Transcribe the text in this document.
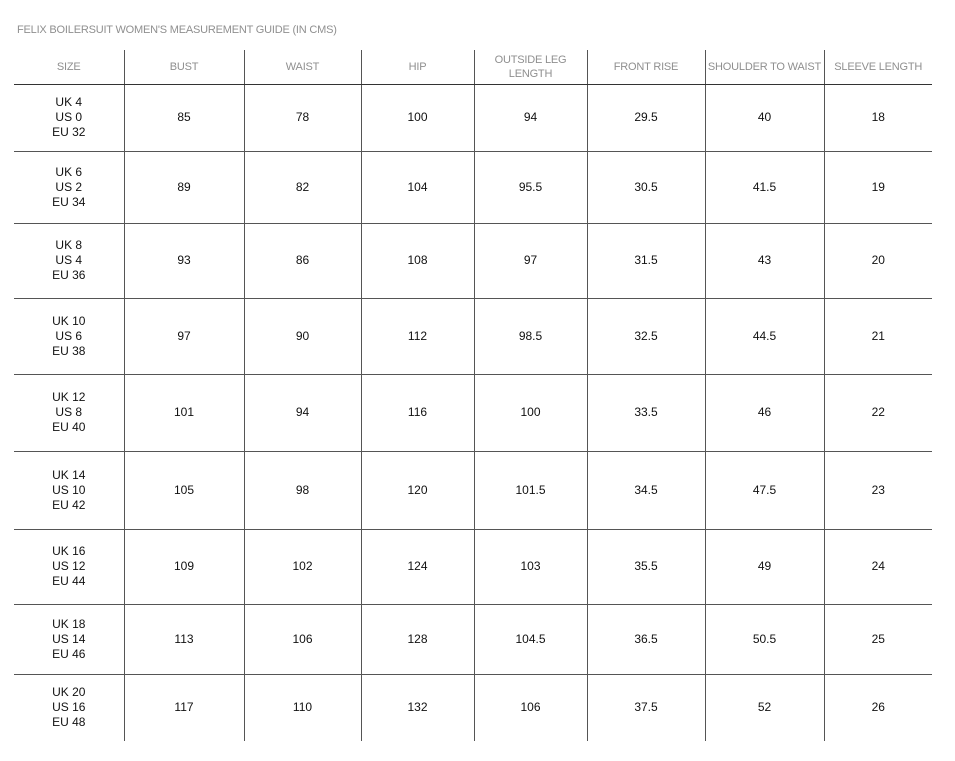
FELIX BOILERSUIT WOMEN'S MEASUREMENT GUIDE (IN CMS)
SIZE	BUST	WAIST	HIP	OUTSIDE LEG
LENGTH	FRONT RISE	SHOULDER TO WAIST	SLEEVE LENGTH

UK 4
US 0
EU 32	85	78	100	94	29.5	40	18

UK 6
US 2
EU 34	89	82	104	95.5	30.5	41.5	19

UK 8
US 4
EU 36	93	86	108	97	31.5	43	20

UK 10
US 6
EU 38	97	90	112	98.5	32.5	44.5	21

UK 12
US 8
EU 40	101	94	116	100	33.5	46	22

UK 14
US 10
EU 42	105	98	120	101.5	34.5	47.5	23

UK 16
US 12
EU 44	109	102	124	103	35.5	49	24

UK 18
US 14
EU 46	113	106	128	104.5	36.5	50.5	25

UK 20
US 16
EU 48	117	110	132	106	37.5	52	26
